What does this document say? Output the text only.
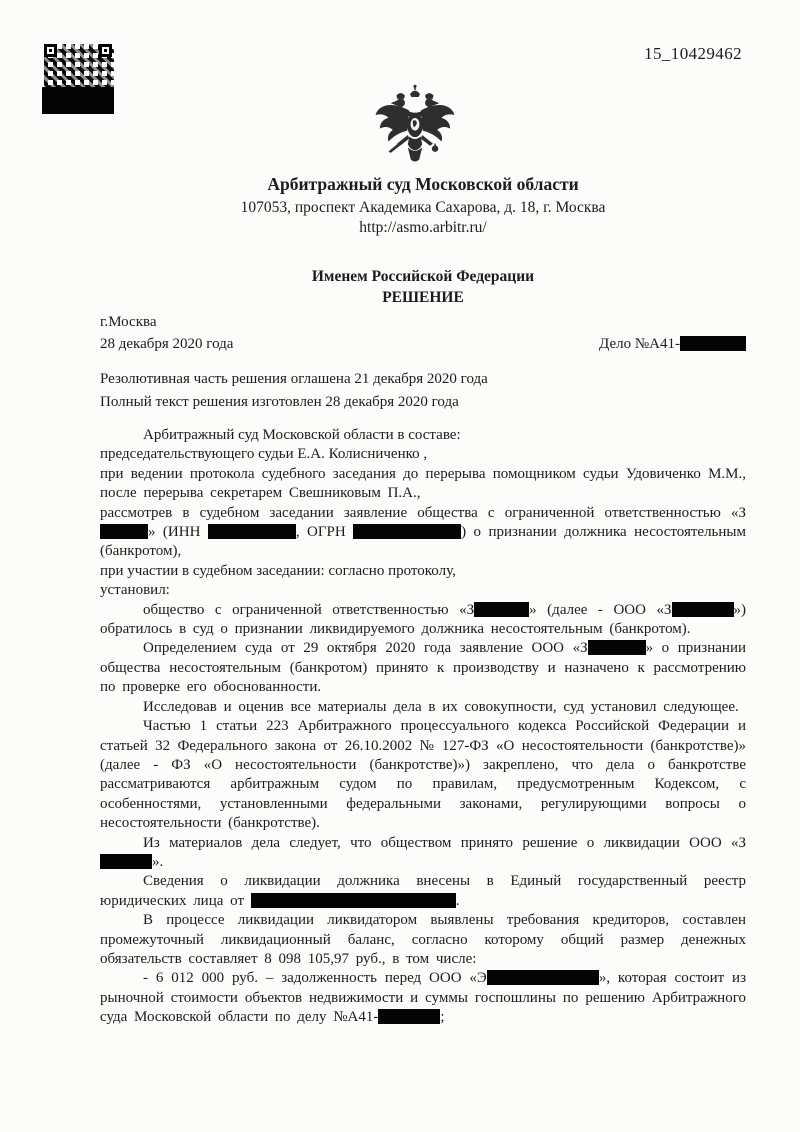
15_10429462
Арбитражный суд Московской области
107053, проспект Академика Сахарова, д. 18, г. Москва
http://asmo.arbitr.ru/
Именем Российской Федерации
РЕШЕНИЕ
г.Москва
28 декабря 2020 года	Дело №А41-
Резолютивная часть решения оглашена 21 декабря 2020 года
Полный текст решения изготовлен 28 декабря 2020 года

Арбитражный суд Московской области в составе:

председательствующего судьи Е.А. Колисниченко ,

при ведении протокола судебного заседания до перерыва помощником судьи Удовиченко М.М., после перерыва секретарем Свешниковым П.А.,

рассмотрев в судебном заседании заявление общества с ограниченной ответственностью «З» (ИНН	, ОГРН	) о признании должника несостоятельным (банкротом),

при участии в судебном заседании: согласно протоколу,

установил:

общество с ограниченной ответственностью «З	» (далее - ООО «З	») обратилось в суд о признании ликвидируемого должника несостоятельным (банкротом).

Определением суда от 29 октября 2020 года заявление ООО «З	» о признании общества несостоятельным (банкротом) принято к производству и назначено к рассмотрению по проверке его обоснованности.

Исследовав и оценив все материалы дела в их совокупности, суд установил следующее.

Частью 1 статьи 223 Арбитражного процессуального кодекса Российской Федерации и статьей 32 Федерального закона от 26.10.2002 № 127-ФЗ «О несостоятельности (банкротстве)» (далее - ФЗ «О несостоятельности (банкротстве)») закреплено, что дела о банкротстве рассматриваются арбитражным судом по правилам, предусмотренным Кодексом, с особенностями, установленными федеральными законами, регулирующими вопросы о несостоятельности (банкротстве).

Из материалов дела следует, что обществом принято решение о ликвидации ООО «З».

Сведения о ликвидации должника внесены в Единый государственный реестр юридических лица от	.

В процессе ликвидации ликвидатором выявлены требования кредиторов, составлен промежуточный ликвидационный баланс, согласно которому общий размер денежных обязательств составляет 8 098 105,97 руб., в том числе:

- 6 012 000 руб. – задолженность перед ООО «Э	», которая состоит из рыночной стоимости объектов недвижимости и суммы госпошлины по решению Арбитражного суда Московской области по делу №А41-	;
